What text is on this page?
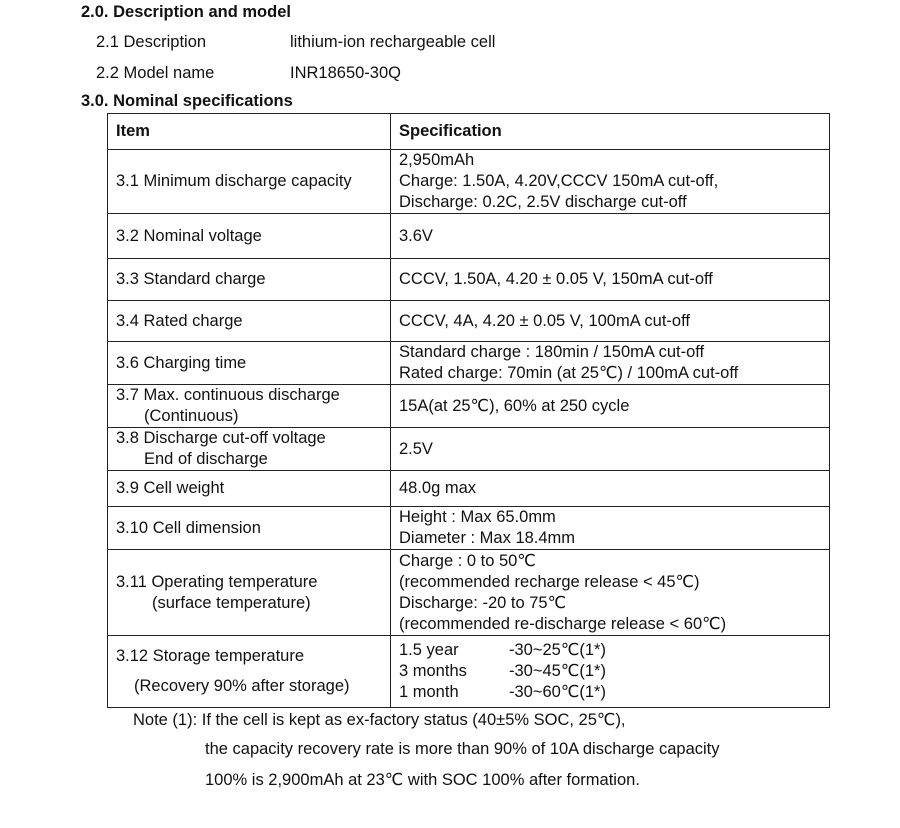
2.0. Description and model
2.1 Description	lithium-ion rechargeable cell
2.2 Model name	INR18650-30Q
3.0. Nominal specifications
Item	Specification

3.1 Minimum discharge capacity	2,950mAh
Charge: 1.50A, 4.20V,CCCV 150mA cut-off,
Discharge: 0.2C, 2.5V discharge cut-off

3.2 Nominal voltage	3.6V

3.3 Standard charge	CCCV, 1.50A, 4.20 ± 0.05 V, 150mA cut-off

3.4 Rated charge	CCCV, 4A, 4.20 ± 0.05 V, 100mA cut-off

3.6 Charging time	Standard charge : 180min / 150mA cut-off
Rated charge: 70min (at 25℃) / 100mA cut-off

3.7 Max. continuous discharge
(Continuous)	15A(at 25℃), 60% at 250 cycle

3.8 Discharge cut-off voltage
End of discharge	2.5V

3.9 Cell weight	48.0g max

3.10 Cell dimension	Height : Max 65.0mm
Diameter : Max 18.4mm

3.11 Operating temperature
(surface temperature)	Charge : 0 to 50℃
(recommended recharge release < 45℃)
Discharge: -20 to 75℃
(recommended re-discharge release < 60℃)

3.12 Storage temperature
(Recovery 90% after storage)	1.5 year -30~25℃(1*)
3 months -30~45℃(1*)
1 month -30~60℃(1*)
Note (1): If the cell is kept as ex-factory status (40±5% SOC, 25℃),
the capacity recovery rate is more than 90% of 10A discharge capacity
100% is 2,900mAh at 23℃ with SOC 100% after formation.
